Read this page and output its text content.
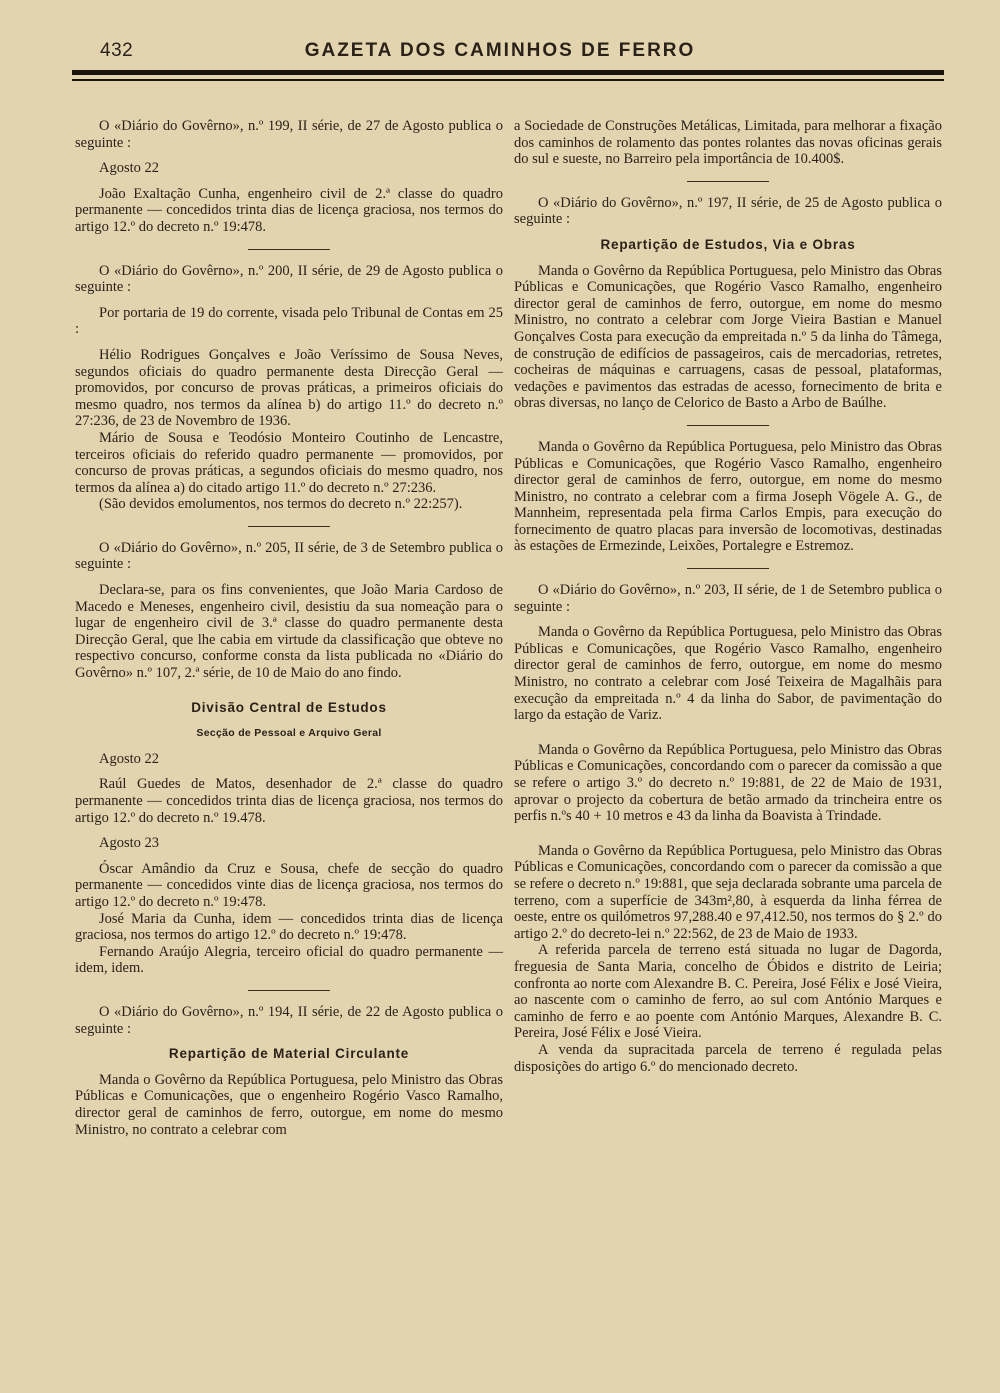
432	GAZETA DOS CAMINHOS DE FERRO

O «Diário do Govêrno», n.º 199, II série, de 27 de Agosto publica o seguinte :

Agosto 22

João Exaltação Cunha, engenheiro civil de 2.ª classe do quadro permanente — concedidos trinta dias de licença graciosa, nos termos do artigo 12.º do decreto n.º 19:478.

O «Diário do Govêrno», n.º 200, II série, de 29 de Agosto publica o seguinte :

Por portaria de 19 do corrente, visada pelo Tribunal de Contas em 25 :

Hélio Rodrigues Gonçalves e João Veríssimo de Sousa Neves, segundos oficiais do quadro permanente desta Direcção Geral — promovidos, por concurso de provas práticas, a primeiros oficiais do mesmo quadro, nos termos da alínea b) do artigo 11.º do decreto n.º 27:236, de 23 de Novembro de 1936.

Mário de Sousa e Teodósio Monteiro Coutinho de Lencastre, terceiros oficiais do referido quadro permanente — promovidos, por concurso de provas práticas, a segundos oficiais do mesmo quadro, nos termos da alínea a) do citado artigo 11.º do decreto n.º 27:236.

(São devidos emolumentos, nos termos do decreto n.º 22:257).

O «Diário do Govêrno», n.º 205, II série, de 3 de Setembro publica o seguinte :

Declara-se, para os fins convenientes, que João Maria Cardoso de Macedo e Meneses, engenheiro civil, desistiu da sua nomeação para o lugar de engenheiro civil de 3.ª classe do quadro permanente desta Direcção Geral, que lhe cabia em virtude da classificação que obteve no respectivo concurso, conforme consta da lista publicada no «Diário do Govêrno» n.º 107, 2.ª série, de 10 de Maio do ano findo.

Divisão Central de Estudos

Secção de Pessoal e Arquivo Geral

Agosto 22

Raúl Guedes de Matos, desenhador de 2.ª classe do quadro permanente — concedidos trinta dias de licença graciosa, nos termos do artigo 12.º do decreto n.º 19.478.

Agosto 23

Óscar Amândio da Cruz e Sousa, chefe de secção do quadro permanente — concedidos vinte dias de licença graciosa, nos termos do artigo 12.º do decreto n.º 19:478.

José Maria da Cunha, idem — concedidos trinta dias de licença graciosa, nos termos do artigo 12.º do decreto n.º 19:478.

Fernando Araújo Alegria, terceiro oficial do quadro permanente — idem, idem.

O «Diário do Govêrno», n.º 194, II série, de 22 de Agosto publica o seguinte :

Repartição de Material Circulante

Manda o Govêrno da República Portuguesa, pelo Ministro das Obras Públicas e Comunicações, que o engenheiro Rogério Vasco Ramalho, director geral de caminhos de ferro, outorgue, em nome do mesmo Ministro, no contrato a celebrar com

a Sociedade de Construções Metálicas, Limitada, para melhorar a fixação dos caminhos de rolamento das pontes rolantes das novas oficinas gerais do sul e sueste, no Barreiro pela importância de 10.400$.

O «Diário do Govêrno», n.º 197, II série, de 25 de Agosto publica o seguinte :

Repartição de Estudos, Via e Obras

Manda o Govêrno da República Portuguesa, pelo Ministro das Obras Públicas e Comunicações, que Rogério Vasco Ramalho, engenheiro director geral de caminhos de ferro, outorgue, em nome do mesmo Ministro, no contrato a celebrar com Jorge Vieira Bastian e Manuel Gonçalves Costa para execução da empreitada n.º 5 da linha do Tâmega, de construção de edifícios de passageiros, cais de mercadorias, retretes, cocheiras de máquinas e carruagens, casas de pessoal, plataformas, vedações e pavimentos das estradas de acesso, fornecimento de brita e obras diversas, no lanço de Celorico de Basto a Arbo de Baúlhe.

Manda o Govêrno da República Portuguesa, pelo Ministro das Obras Públicas e Comunicações, que Rogério Vasco Ramalho, engenheiro director geral de caminhos de ferro, outorgue, em nome do mesmo Ministro, no contrato a celebrar com a firma Joseph Vögele A. G., de Mannheim, representada pela firma Carlos Empis, para execução do fornecimento de quatro placas para inversão de locomotivas, destinadas às estações de Ermezinde, Leixões, Portalegre e Estremoz.

O «Diário do Govêrno», n.º 203, II série, de 1 de Setembro publica o seguinte :

Manda o Govêrno da República Portuguesa, pelo Ministro das Obras Públicas e Comunicações, que Rogério Vasco Ramalho, engenheiro director geral de caminhos de ferro, outorgue, em nome do mesmo Ministro, no contrato a celebrar com José Teixeira de Magalhãis para execução da empreitada n.º 4 da linha do Sabor, de pavimentação do largo da estação de Variz.

Manda o Govêrno da República Portuguesa, pelo Ministro das Obras Públicas e Comunicações, concordando com o parecer da comissão a que se refere o artigo 3.º do decreto n.º 19:881, de 22 de Maio de 1931, aprovar o projecto da cobertura de betão armado da trincheira entre os perfis n.ºs 40 + 10 metros e 43 da linha da Boavista à Trindade.

Manda o Govêrno da República Portuguesa, pelo Ministro das Obras Públicas e Comunicações, concordando com o parecer da comissão a que se refere o decreto n.º 19:881, que seja declarada sobrante uma parcela de terreno, com a superfície de 343m²,80, à esquerda da linha férrea de oeste, entre os quilómetros 97,288.40 e 97,412.50, nos termos do § 2.º do artigo 2.º do decreto-lei n.º 22:562, de 23 de Maio de 1933.

A referida parcela de terreno está situada no lugar de Dagorda, freguesia de Santa Maria, concelho de Óbidos e distrito de Leiria; confronta ao norte com Alexandre B. C. Pereira, José Félix e José Vieira, ao nascente com o caminho de ferro, ao sul com António Marques e caminho de ferro e ao poente com António Marques, Alexandre B. C. Pereira, José Félix e José Vieira.

A venda da supracitada parcela de terreno é regulada pelas disposições do artigo 6.º do mencionado decreto.
